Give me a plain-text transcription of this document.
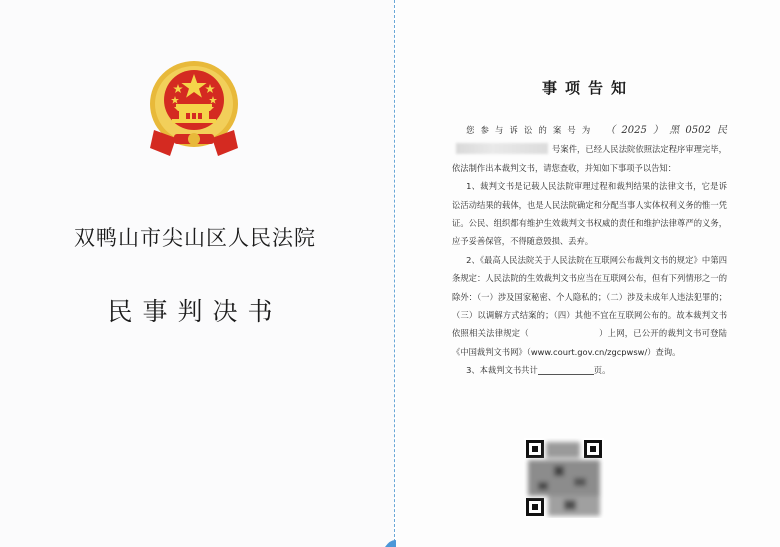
双鸭山市尖山区人民法院
民事判决书
事项告知

您参与诉讼的案号为 （2025）黑0502民号案件，已经人民法院依照法定程序审理完毕，依法制作出本裁判文书，请您查收，并知如下事项予以告知：

1、裁判文书是记载人民法院审理过程和裁判结果的法律文书，它是诉讼活动结果的载体，也是人民法院确定和分配当事人实体权利义务的惟一凭证。公民、组织都有维护生效裁判文书权威的责任和维护法律尊严的义务，应予妥善保管，不得随意毁损、丢弃。

2、《最高人民法院关于人民法院在互联网公布裁判文书的规定》中第四条规定：人民法院的生效裁判文书应当在互联网公布，但有下列情形之一的除外：（一）涉及国家秘密、个人隐私的；（二）涉及未成年人违法犯罪的；（三）以调解方式结案的；（四）其他不宜在互联网公布的。故本裁判文书依照相关法律规定（	）上网，已公开的裁判文书可登陆《中国裁判文书网》（www.court.gov.cn/zgcpwsw/）查询。

3、本裁判文书共计	页。
